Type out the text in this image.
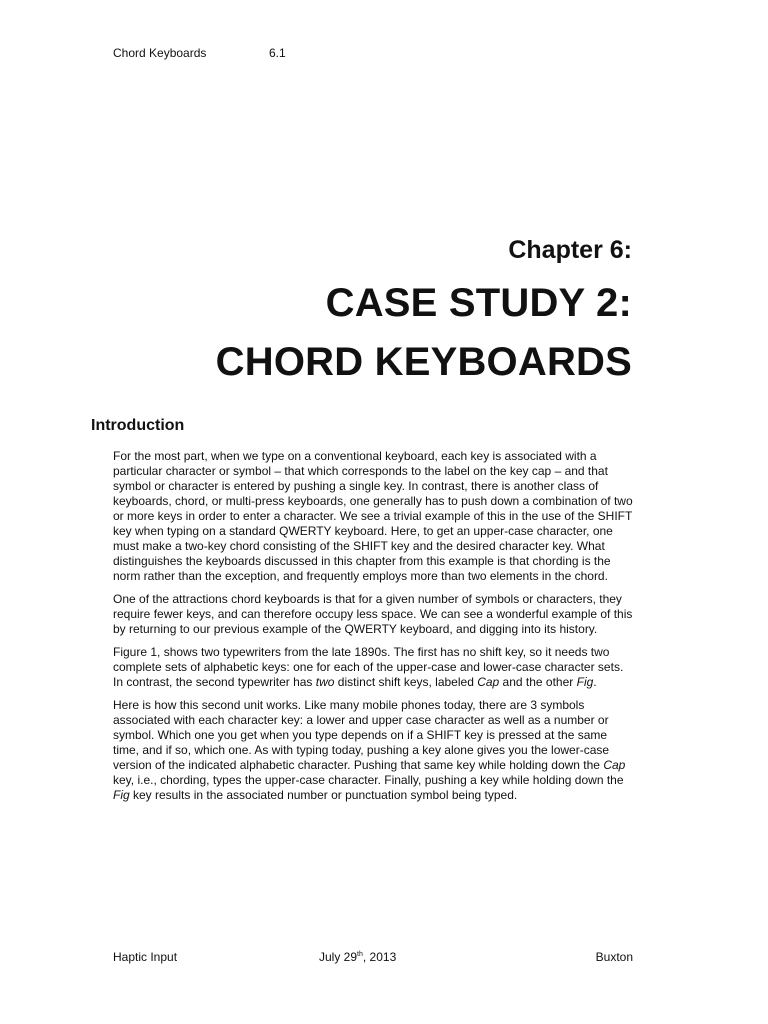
Chord Keyboards	6.1
Chapter 6:
CASE STUDY 2:
CHORD KEYBOARDS
Introduction

For the most part, when we type on a conventional keyboard, each key is associated with a particular character or symbol – that which corresponds to the label on the key cap – and that symbol or character is entered by pushing a single key. In contrast, there is another class of keyboards, chord, or multi-press keyboards, one generally has to push down a combination of two or more keys in order to enter a character. We see a trivial example of this in the use of the SHIFT key when typing on a standard QWERTY keyboard. Here, to get an upper-case character, one must make a two-key chord consisting of the SHIFT key and the desired character key. What distinguishes the keyboards discussed in this chapter from this example is that chording is the norm rather than the exception, and frequently employs more than two elements in the chord.

One of the attractions chord keyboards is that for a given number of symbols or characters, they require fewer keys, and can therefore occupy less space. We can see a wonderful example of this by returning to our previous example of the QWERTY keyboard, and digging into its history.

Figure 1, shows two typewriters from the late 1890s. The first has no shift key, so it needs two complete sets of alphabetic keys: one for each of the upper-case and lower-case character sets. In contrast, the second typewriter has two distinct shift keys, labeled Cap and the other Fig.

Here is how this second unit works. Like many mobile phones today, there are 3 symbols associated with each character key: a lower and upper case character as well as a number or symbol. Which one you get when you type depends on if a SHIFT key is pressed at the same time, and if so, which one. As with typing today, pushing a key alone gives you the lower-case version of the indicated alphabetic character. Pushing that same key while holding down the Cap key, i.e., chording, types the upper-case character. Finally, pushing a key while holding down the Fig key results in the associated number or punctuation symbol being typed.

Haptic Input	July 29th, 2013	Buxton
